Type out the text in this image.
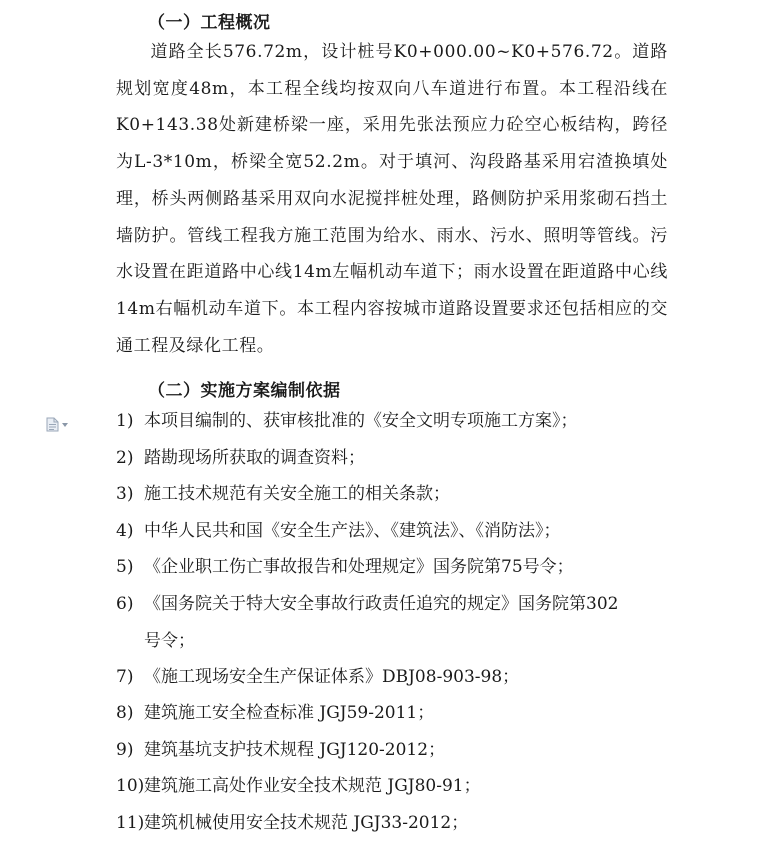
（一）工程概况

道路全长576.72m，设计桩号K0+000.00~K0+576.72。道路规划宽度48m，本工程全线均按双向八车道进行布置。本工程沿线在K0+143.38处新建桥梁一座，采用先张法预应力砼空心板结构，跨径为L-3*10m，桥梁全宽52.2m。对于填河、沟段路基采用宕渣换填处理，桥头两侧路基采用双向水泥搅拌桩处理，路侧防护采用浆砌石挡土墙防护。管线工程我方施工范围为给水、雨水、污水、照明等管线。污水设置在距道路中心线14m左幅机动车道下；雨水设置在距道路中心线14m右幅机动车道下。本工程内容按城市道路设置要求还包括相应的交通工程及绿化工程。

（二）实施方案编制依据
1) 本项目编制的、获审核批准的《安全文明专项施工方案》；
2) 踏勘现场所获取的调查资料；
3) 施工技术规范有关安全施工的相关条款；
4) 中华人民共和国《安全生产法》、《建筑法》、《消防法》；
5) 《企业职工伤亡事故报告和处理规定》国务院第75号令；
6) 《国务院关于特大安全事故行政责任追究的规定》国务院第302
号令；
7) 《施工现场安全生产保证体系》DBJ08-903-98；
8) 建筑施工安全检查标准 JGJ59-2011；
9) 建筑基坑支护技术规程 JGJ120-2012；
10)建筑施工高处作业安全技术规范 JGJ80-91；
11)建筑机械使用安全技术规范 JGJ33-2012；
